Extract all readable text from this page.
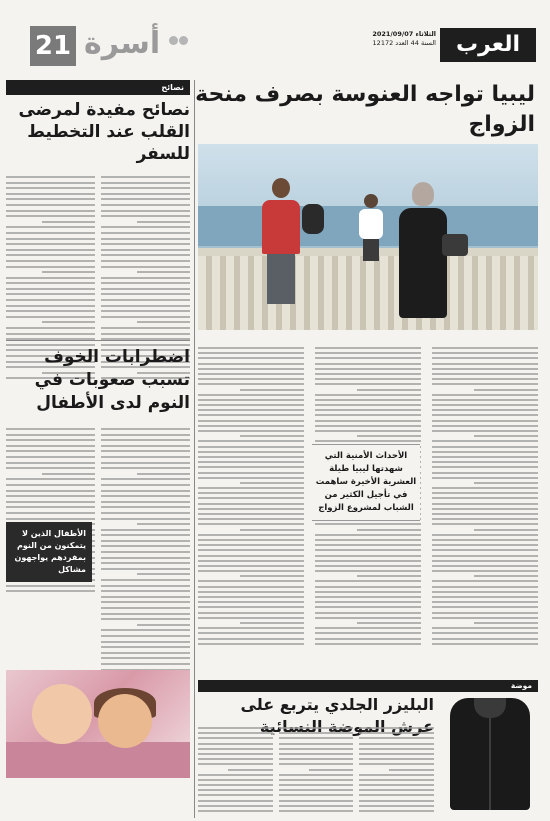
العرب
الثلاثاء 2021/09/07
السنة 44 العدد 12172
أسرة
21
ليبيا تواجه العنوسة بصرف منحة الزواج
الأحداث الأمنية التي شهدتها ليبيا طيلة العشرية الأخيرة ساهمت في تأجيل الكثير من الشباب لمشروع الزواج
نصائح
نصائح مفيدة لمرضى القلب عند التخطيط للسفر
اضطرابات الخوف تسبب صعوبات في النوم لدى الأطفال
الأطفال الذين لا يتمكنون من النوم بمفردهم يواجهون مشاكل
موضة
البليزر الجلدي يتربع على الموضة
